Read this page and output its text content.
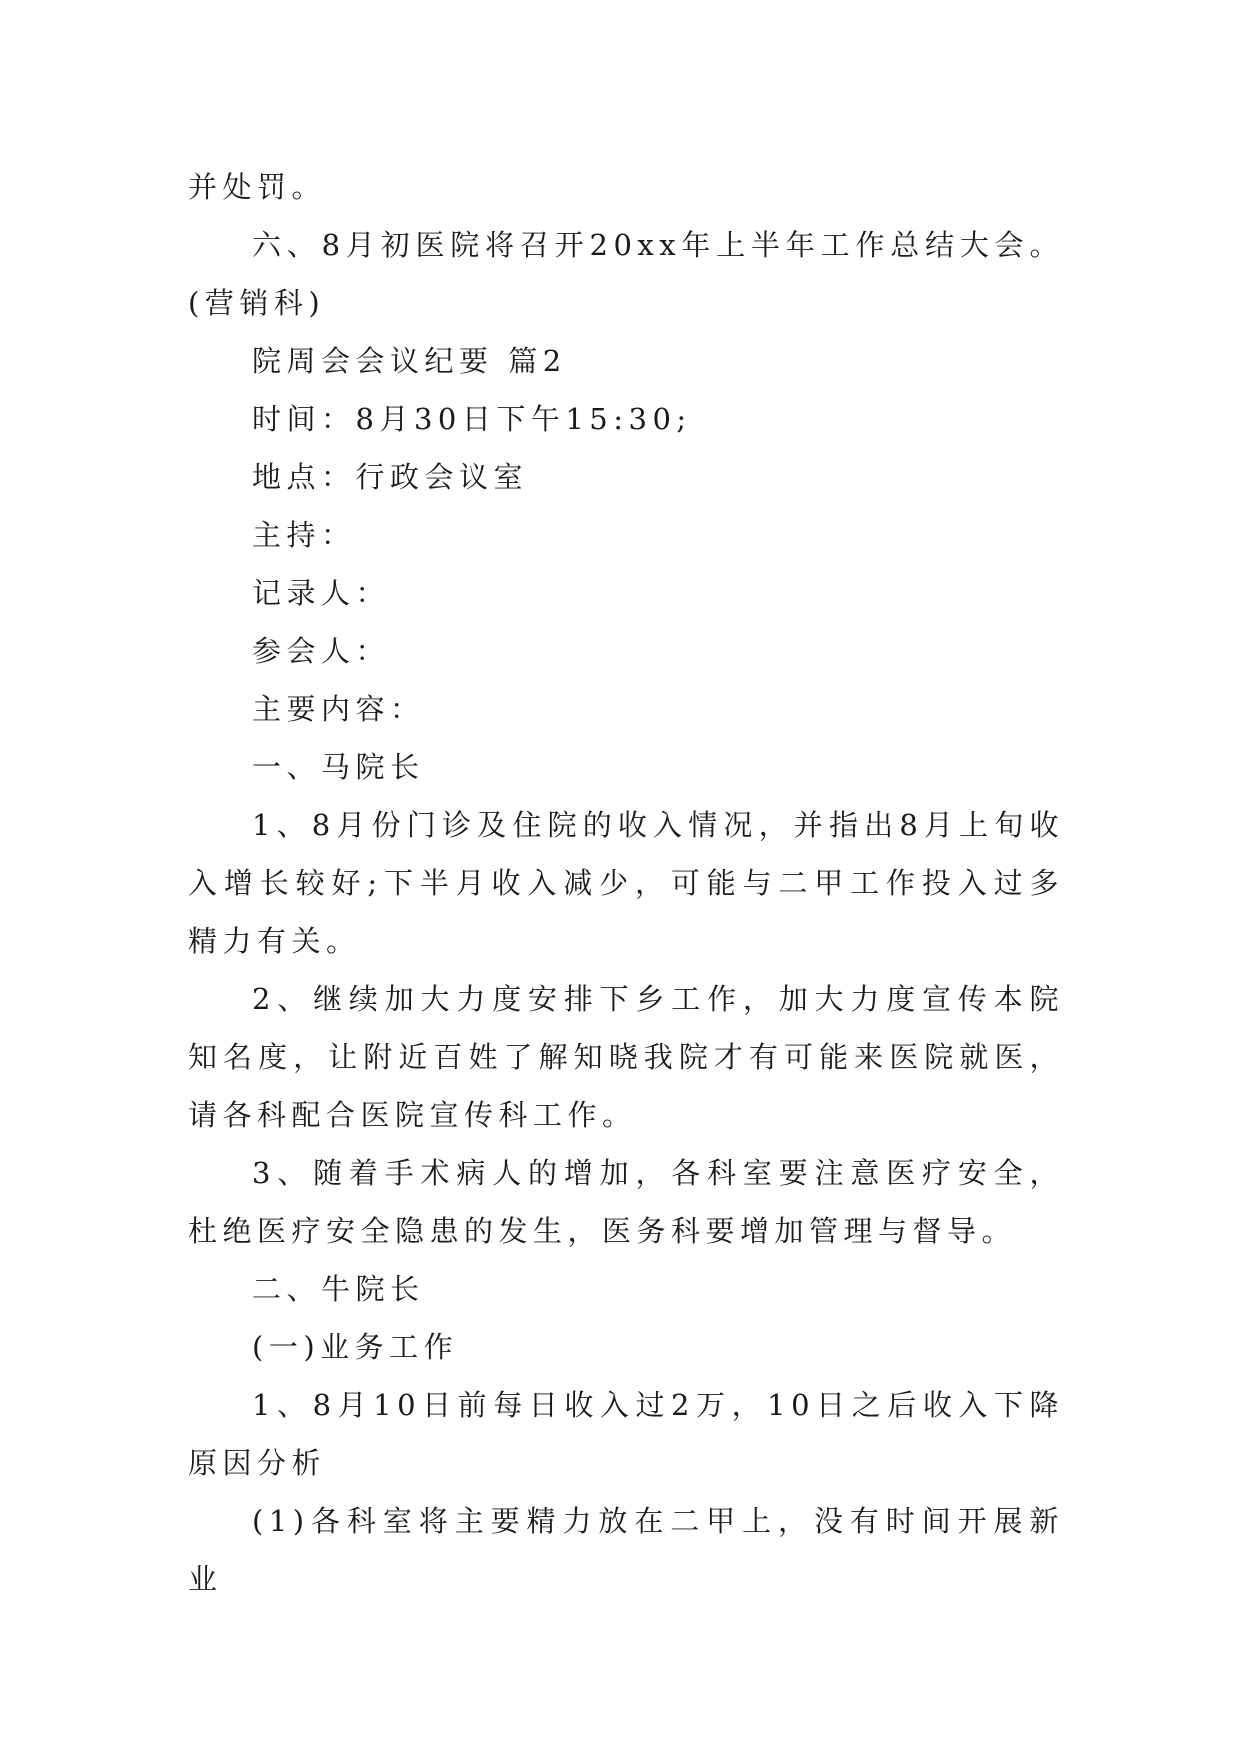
并处罚。

六、8月初医院将召开20xx年上半年工作总结大会。(营销科)

院周会会议纪要 篇2

时间：8月30日下午15:30;

地点：行政会议室

主持：

记录人：

参会人：

主要内容：

一、马院长

1、8月份门诊及住院的收入情况，并指出8月上旬收入增长较好;下半月收入减少，可能与二甲工作投入过多精力有关。

2、继续加大力度安排下乡工作，加大力度宣传本院知名度，让附近百姓了解知晓我院才有可能来医院就医，请各科配合医院宣传科工作。

3、随着手术病人的增加，各科室要注意医疗安全，杜绝医疗安全隐患的发生，医务科要增加管理与督导。

二、牛院长

(一)业务工作

1、8月10日前每日收入过2万，10日之后收入下降原因分析

(1)各科室将主要精力放在二甲上，没有时间开展新业
